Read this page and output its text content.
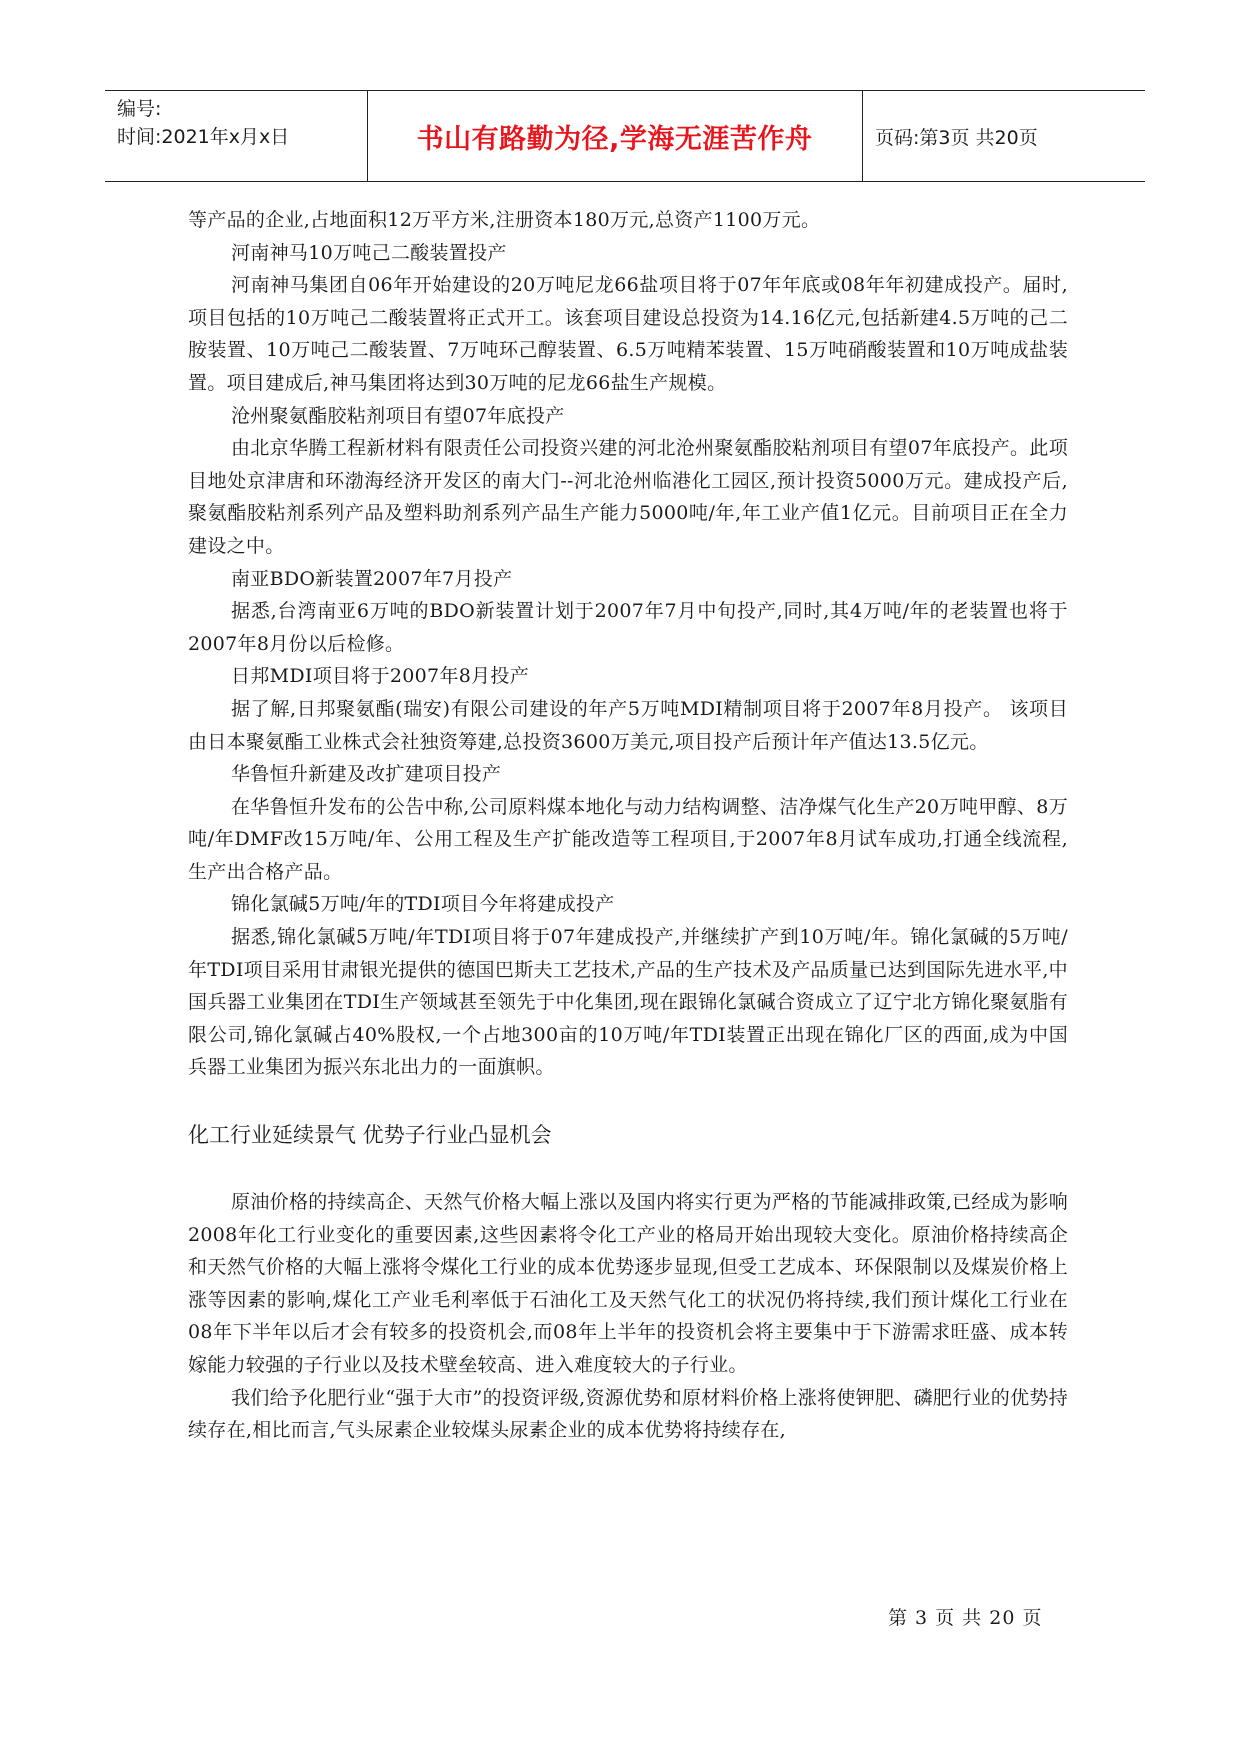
编号:
时间:2021年x月x日	书山有路勤为径,学海无涯苦作舟	页码:第3页 共20页

等产品的企业,占地面积12万平方米,注册资本180万元,总资产1100万元。

河南神马10万吨己二酸装置投产

河南神马集团自06年开始建设的20万吨尼龙66盐项目将于07年年底或08年年初建成投产。届时,项目包括的10万吨己二酸装置将正式开工。该套项目建设总投资为14.16亿元,包括新建4.5万吨的己二胺装置、10万吨己二酸装置、7万吨环己醇装置、6.5万吨精苯装置、15万吨硝酸装置和10万吨成盐装置。项目建成后,神马集团将达到30万吨的尼龙66盐生产规模。

沧州聚氨酯胶粘剂项目有望07年底投产

由北京华腾工程新材料有限责任公司投资兴建的河北沧州聚氨酯胶粘剂项目有望07年底投产。此项目地处京津唐和环渤海经济开发区的南大门--河北沧州临港化工园区,预计投资5000万元。建成投产后,聚氨酯胶粘剂系列产品及塑料助剂系列产品生产能力5000吨/年,年工业产值1亿元。目前项目正在全力建设之中。

南亚BDO新装置2007年7月投产

据悉,台湾南亚6万吨的BDO新装置计划于2007年7月中旬投产,同时,其4万吨/年的老装置也将于2007年8月份以后检修。

日邦MDI项目将于2007年8月投产

据了解,日邦聚氨酯(瑞安)有限公司建设的年产5万吨MDI精制项目将于2007年8月投产。 该项目由日本聚氨酯工业株式会社独资筹建,总投资3600万美元,项目投产后预计年产值达13.5亿元。

华鲁恒升新建及改扩建项目投产

在华鲁恒升发布的公告中称,公司原料煤本地化与动力结构调整、洁净煤气化生产20万吨甲醇、8万吨/年DMF改15万吨/年、公用工程及生产扩能改造等工程项目,于2007年8月试车成功,打通全线流程,生产出合格产品。

锦化氯碱5万吨/年的TDI项目今年将建成投产

据悉,锦化氯碱5万吨/年TDI项目将于07年建成投产,并继续扩产到10万吨/年。锦化氯碱的5万吨/年TDI项目采用甘肃银光提供的德国巴斯夫工艺技术,产品的生产技术及产品质量已达到国际先进水平,中国兵器工业集团在TDI生产领域甚至领先于中化集团,现在跟锦化氯碱合资成立了辽宁北方锦化聚氨脂有限公司,锦化氯碱占40%股权,一个占地300亩的10万吨/年TDI装置正出现在锦化厂区的西面,成为中国兵器工业集团为振兴东北出力的一面旗帜。

化工行业延续景气 优势子行业凸显机会

原油价格的持续高企、天然气价格大幅上涨以及国内将实行更为严格的节能减排政策,已经成为影响2008年化工行业变化的重要因素,这些因素将令化工产业的格局开始出现较大变化。原油价格持续高企和天然气价格的大幅上涨将令煤化工行业的成本优势逐步显现,但受工艺成本、环保限制以及煤炭价格上涨等因素的影响,煤化工产业毛利率低于石油化工及天然气化工的状况仍将持续,我们预计煤化工行业在08年下半年以后才会有较多的投资机会,而08年上半年的投资机会将主要集中于下游需求旺盛、成本转嫁能力较强的子行业以及技术壁垒较高、进入难度较大的子行业。

我们给予化肥行业“强于大市”的投资评级,资源优势和原材料价格上涨将使钾肥、磷肥行业的优势持续存在,相比而言,气头尿素企业较煤头尿素企业的成本优势将持续存在,

第 3 页 共 20 页
